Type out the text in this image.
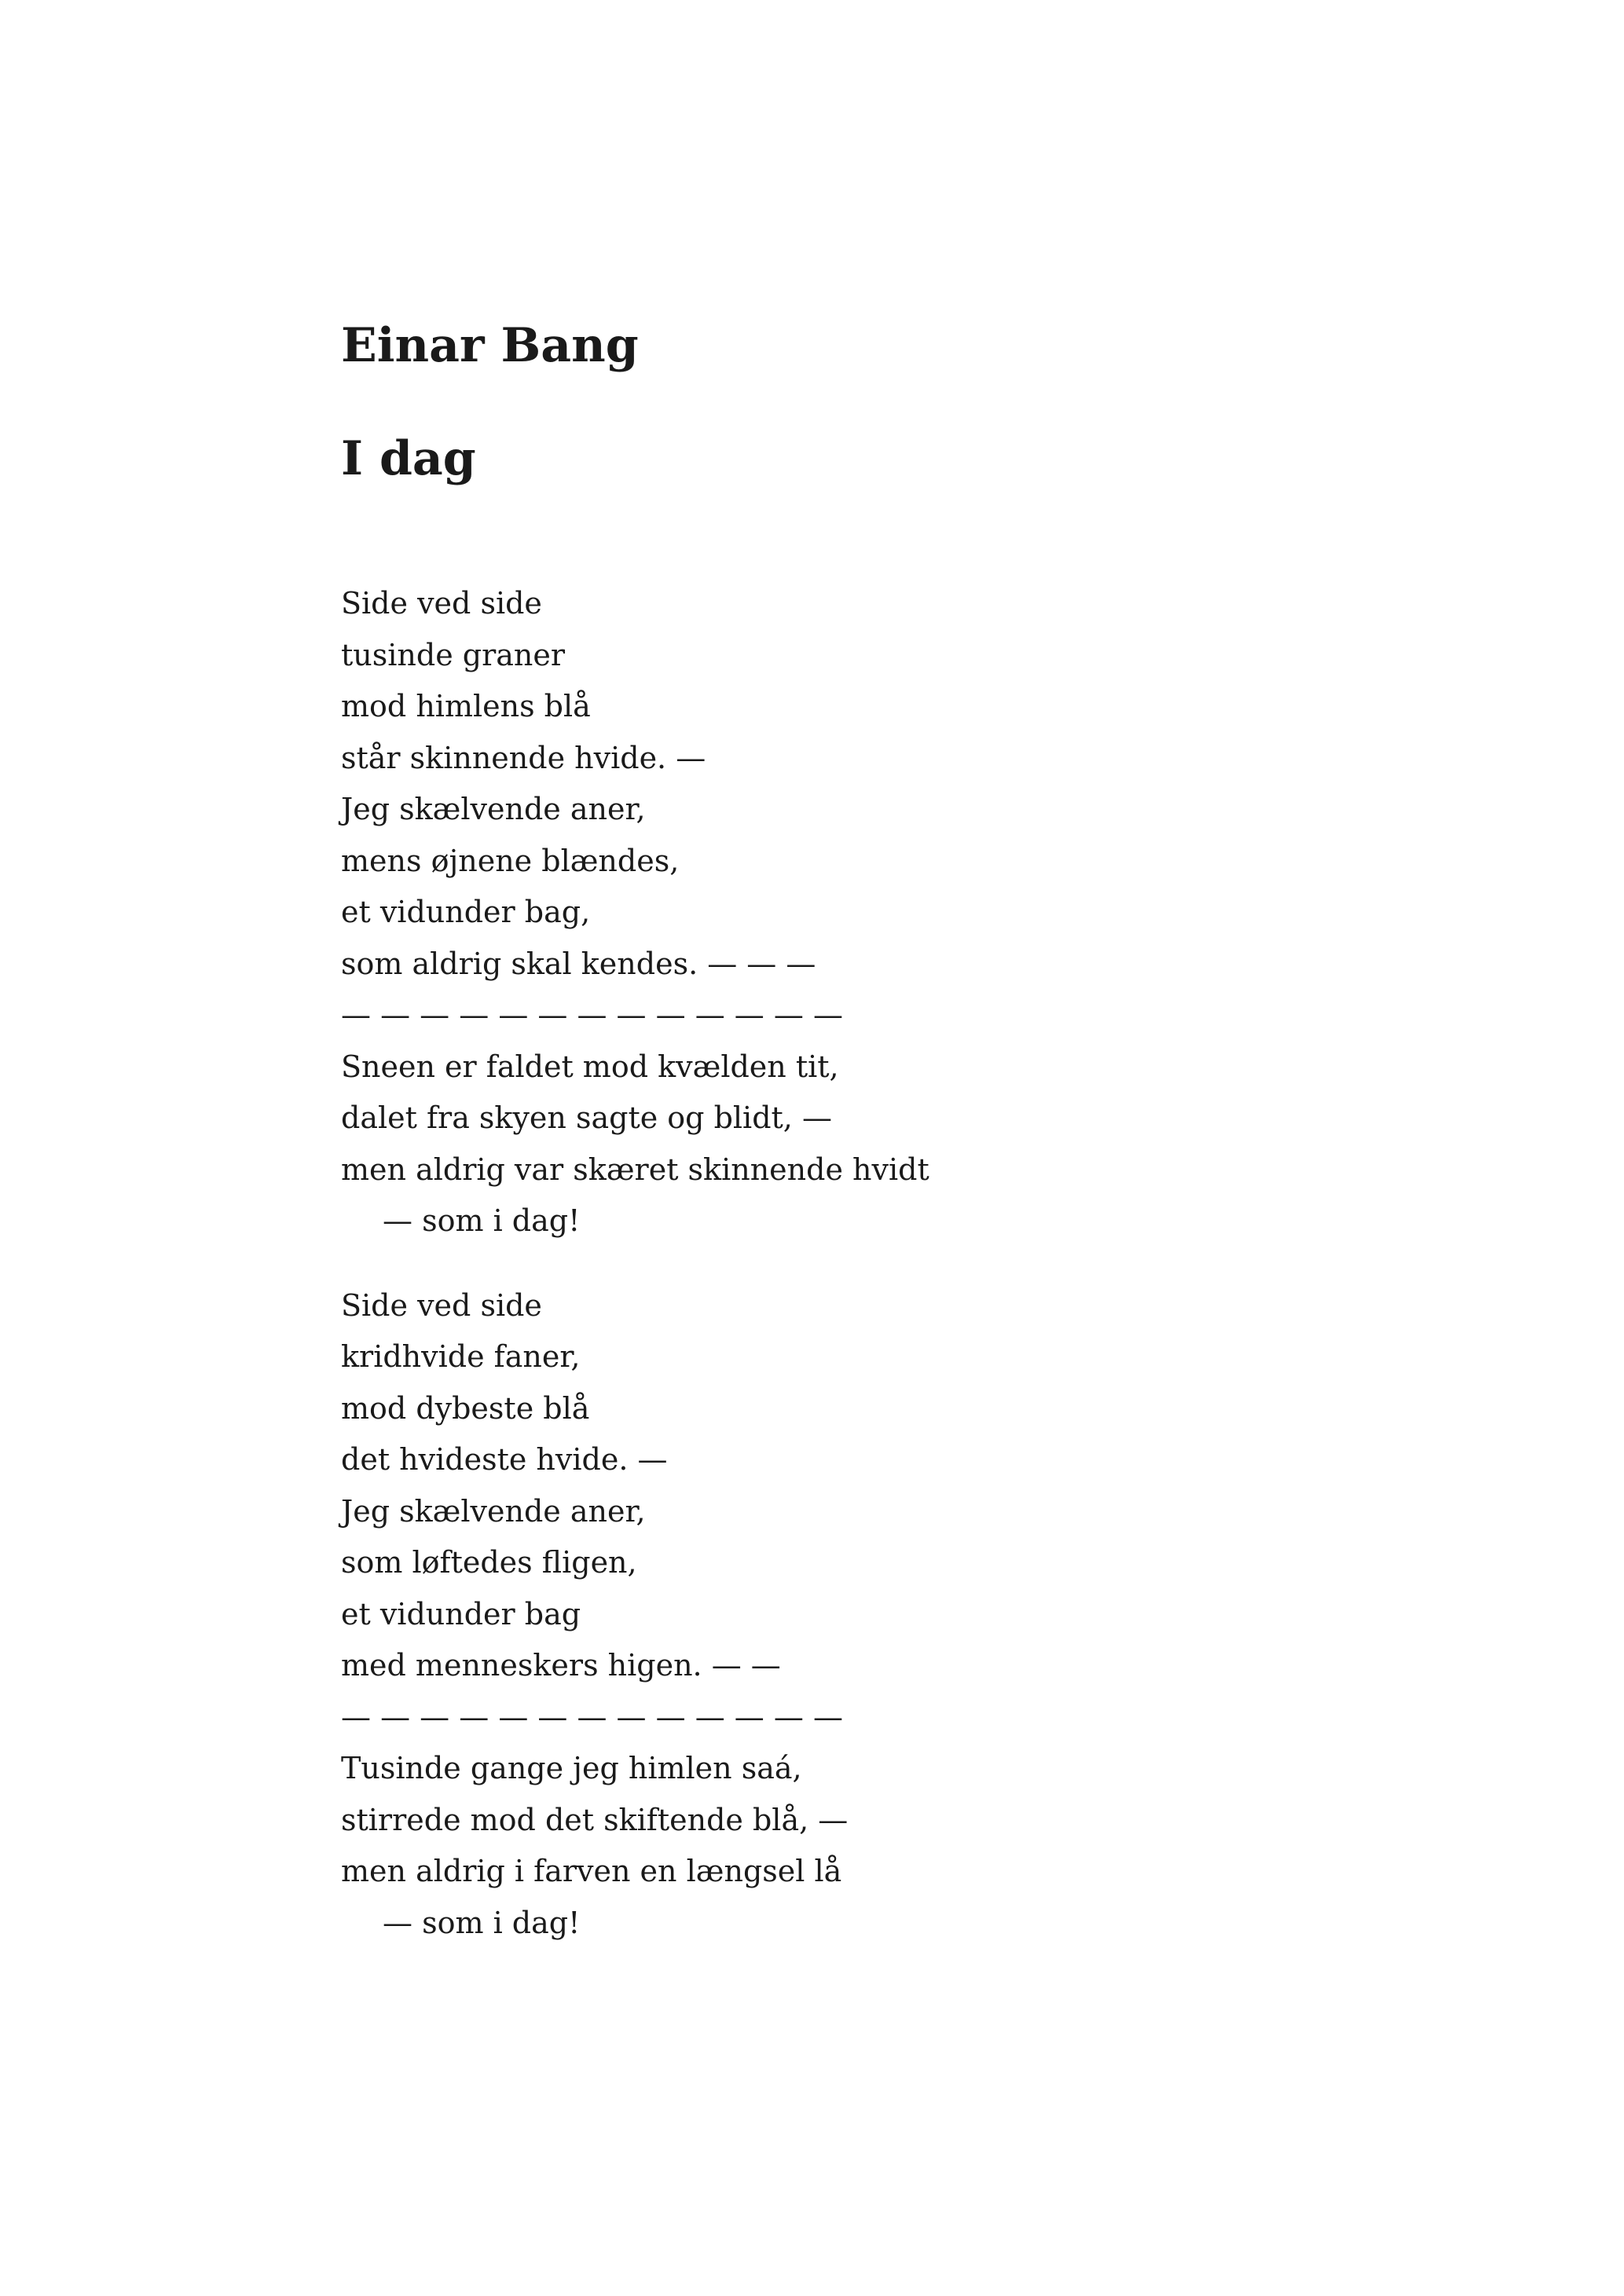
Einar Bang
I dag
Side ved side
tusinde graner
mod himlens blå
står skinnende hvide. —
Jeg skælvende aner,
mens øjnene blændes,
et vidunder bag,
som aldrig skal kendes. — — —
— — — — — — — — — — — — —
Sneen er faldet mod kvælden tit,
dalet fra skyen sagte og blidt, —
men aldrig var skæret skinnende hvidt
— som i dag!
Side ved side
kridhvide faner,
mod dybeste blå
det hvideste hvide. —
Jeg skælvende aner,
som løftedes fligen,
et vidunder bag
med menneskers higen. — —
— — — — — — — — — — — — —
Tusinde gange jeg himlen saá,
stirrede mod det skiftende blå, —
men aldrig i farven en længsel lå
— som i dag!
